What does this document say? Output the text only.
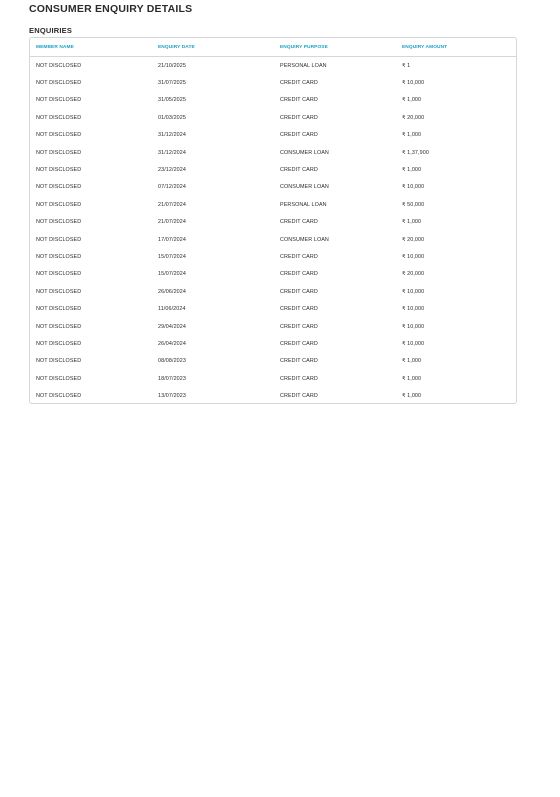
CONSUMER ENQUIRY DETAILS
ENQUIRIES
MEMBER NAME	ENQUIRY DATE	ENQUIRY PURPOSE	ENQUIRY AMOUNT
NOT DISCLOSED	21/10/2025	PERSONAL LOAN	₹ 1
NOT DISCLOSED	31/07/2025	CREDIT CARD	₹ 10,000
NOT DISCLOSED	31/05/2025	CREDIT CARD	₹ 1,000
NOT DISCLOSED	01/03/2025	CREDIT CARD	₹ 20,000
NOT DISCLOSED	31/12/2024	CREDIT CARD	₹ 1,000
NOT DISCLOSED	31/12/2024	CONSUMER LOAN	₹ 1,37,900
NOT DISCLOSED	23/12/2024	CREDIT CARD	₹ 1,000
NOT DISCLOSED	07/12/2024	CONSUMER LOAN	₹ 10,000
NOT DISCLOSED	21/07/2024	PERSONAL LOAN	₹ 50,000
NOT DISCLOSED	21/07/2024	CREDIT CARD	₹ 1,000
NOT DISCLOSED	17/07/2024	CONSUMER LOAN	₹ 20,000
NOT DISCLOSED	15/07/2024	CREDIT CARD	₹ 10,000
NOT DISCLOSED	15/07/2024	CREDIT CARD	₹ 20,000
NOT DISCLOSED	26/06/2024	CREDIT CARD	₹ 10,000
NOT DISCLOSED	11/06/2024	CREDIT CARD	₹ 10,000
NOT DISCLOSED	29/04/2024	CREDIT CARD	₹ 10,000
NOT DISCLOSED	26/04/2024	CREDIT CARD	₹ 10,000
NOT DISCLOSED	08/08/2023	CREDIT CARD	₹ 1,000
NOT DISCLOSED	18/07/2023	CREDIT CARD	₹ 1,000
NOT DISCLOSED	13/07/2023	CREDIT CARD	₹ 1,000
